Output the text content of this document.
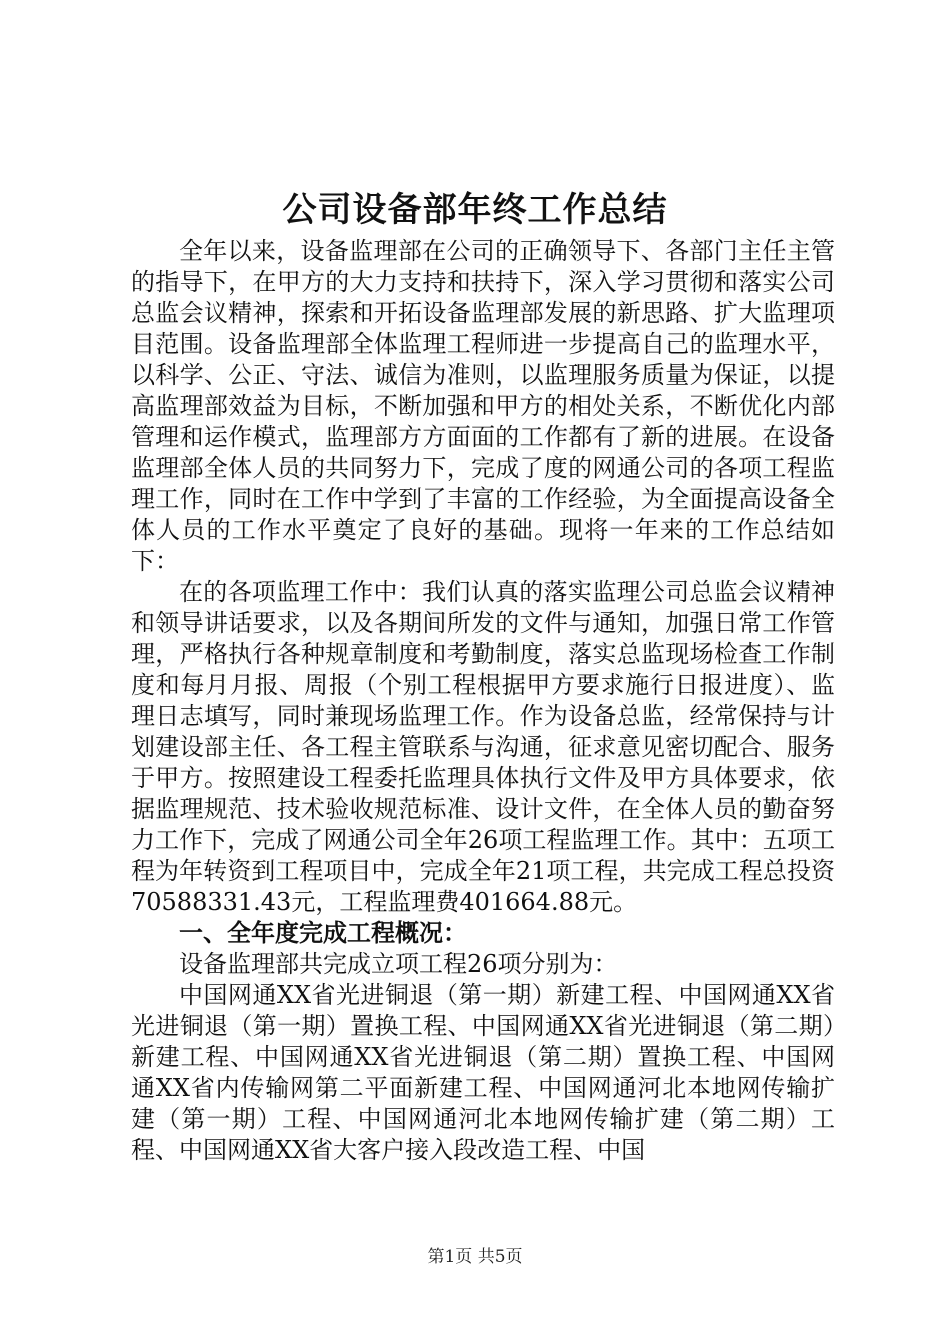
公司设备部年终工作总结

全年以来，设备监理部在公司的正确领导下、各部门主任主管的指导下，在甲方的大力支持和扶持下，深入学习贯彻和落实公司总监会议精神，探索和开拓设备监理部发展的新思路、扩大监理项目范围。设备监理部全体监理工程师进一步提高自己的监理水平，以科学、公正、守法、诚信为准则，以监理服务质量为保证，以提高监理部效益为目标，不断加强和甲方的相处关系，不断优化内部管理和运作模式，监理部方方面面的工作都有了新的进展。在设备监理部全体人员的共同努力下，完成了度的网通公司的各项工程监理工作，同时在工作中学到了丰富的工作经验，为全面提高设备全体人员的工作水平奠定了良好的基础。现将一年来的工作总结如下：

在的各项监理工作中：我们认真的落实监理公司总监会议精神和领导讲话要求，以及各期间所发的文件与通知，加强日常工作管理，严格执行各种规章制度和考勤制度，落实总监现场检查工作制度和每月月报、周报（个别工程根据甲方要求施行日报进度）、监理日志填写，同时兼现场监理工作。作为设备总监，经常保持与计划建设部主任、各工程主管联系与沟通，征求意见密切配合、服务于甲方。按照建设工程委托监理具体执行文件及甲方具体要求，依据监理规范、技术验收规范标准、设计文件，在全体人员的勤奋努力工作下，完成了网通公司全年26项工程监理工作。其中：五项工程为年转资到工程项目中，完成全年21项工程，共完成工程总投资70588331.43元，工程监理费401664.88元。

一、全年度完成工程概况：

设备监理部共完成立项工程26项分别为：

中国网通XX省光进铜退（第一期）新建工程、中国网通XX省光进铜退（第一期）置换工程、中国网通XX省光进铜退（第二期）新建工程、中国网通XX省光进铜退（第二期）置换工程、中国网通XX省内传输网第二平面新建工程、中国网通河北本地网传输扩建（第一期）工程、中国网通河北本地网传输扩建（第二期）工程、中国网通XX省大客户接入段改造工程、中国

第1页 共5页
